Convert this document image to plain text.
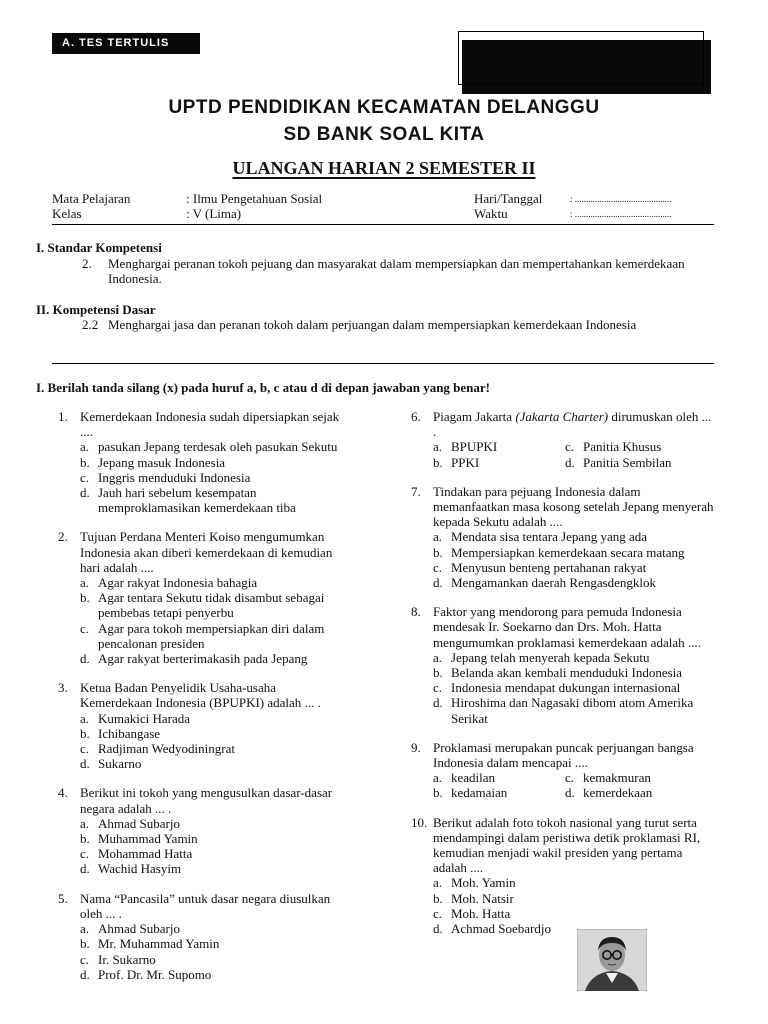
A. TES TERTULIS
UPTD PENDIDIKAN KECAMATAN DELANGGU
SD BANK SOAL KITA
ULANGAN HARIAN 2 SEMESTER II
Mata Pelajaran	: Ilmu Pengetahuan Sosial
Kelas	: V (Lima)
Hari/Tanggal	: ...........................................
Waktu	: ...........................................
I. Standar Kompetensi
2. Menghargai peranan tokoh pejuang dan masyarakat dalam mempersiapkan dan mempertahankan kemerdekaan Indonesia.
II. Kompetensi Dasar
2.2 Menghargai jasa dan peranan tokoh dalam perjuangan dalam mempersiapkan kemerdekaan Indonesia
I. Berilah tanda silang (x) pada huruf a, b, c atau d di depan jawaban yang benar!
1. Kemerdekaan Indonesia sudah dipersiapkan sejak ....
a. pasukan Jepang terdesak oleh pasukan Sekutu
b. Jepang masuk Indonesia
c. Inggris menduduki Indonesia
d. Jauh hari sebelum kesempatan memproklamasikan kemerdekaan tiba
2. Tujuan Perdana Menteri Koiso mengumumkan Indonesia akan diberi kemerdekaan di kemudian hari adalah ....
a. Agar rakyat Indonesia bahagia
b. Agar tentara Sekutu tidak disambut sebagai pembebas tetapi penyerbu
c. Agar para tokoh mempersiapkan diri dalam pencalonan presiden
d. Agar rakyat berterimakasih pada Jepang
3. Ketua Badan Penyelidik Usaha-usaha Kemerdekaan Indonesia (BPUPKI) adalah ... .
a. Kumakici Harada
b. Ichibangase
c. Radjiman Wedyodiningrat
d. Sukarno
4. Berikut ini tokoh yang mengusulkan dasar-dasar negara adalah ... .
a. Ahmad Subarjo
b. Muhammad Yamin
c. Mohammad Hatta
d. Wachid Hasyim
5. Nama “Pancasila” untuk dasar negara diusulkan oleh ... .
a. Ahmad Subarjo
b. Mr. Muhammad Yamin
c. Ir. Sukarno
d. Prof. Dr. Mr. Supomo
6. Piagam Jakarta (Jakarta Charter) dirumuskan oleh ... .
a. BPUPKI	c. Panitia Khusus
b. PPKI	d. Panitia Sembilan
7. Tindakan para pejuang Indonesia dalam memanfaatkan masa kosong setelah Jepang menyerah kepada Sekutu adalah ....
a. Mendata sisa tentara Jepang yang ada
b. Mempersiapkan kemerdekaan secara matang
c. Menyusun benteng pertahanan rakyat
d. Mengamankan daerah Rengasdengklok
8. Faktor yang mendorong para pemuda Indonesia mendesak Ir. Soekarno dan Drs. Moh. Hatta mengumumkan proklamasi kemerdekaan adalah ....
a. Jepang telah menyerah kepada Sekutu
b. Belanda akan kembali menduduki Indonesia
c. Indonesia mendapat dukungan internasional
d. Hiroshima dan Nagasaki dibom atom Amerika Serikat
9. Proklamasi merupakan puncak perjuangan bangsa Indonesia dalam mencapai ....
a. keadilan	c. kemakmuran
b. kedamaian	d. kemerdekaan
10. Berikut adalah foto tokoh nasional yang turut serta mendampingi dalam peristiwa detik proklamasi RI, kemudian menjadi wakil presiden yang pertama adalah ....
a. Moh. Yamin
b. Moh. Natsir
c. Moh. Hatta
d. Achmad Soebardjo
